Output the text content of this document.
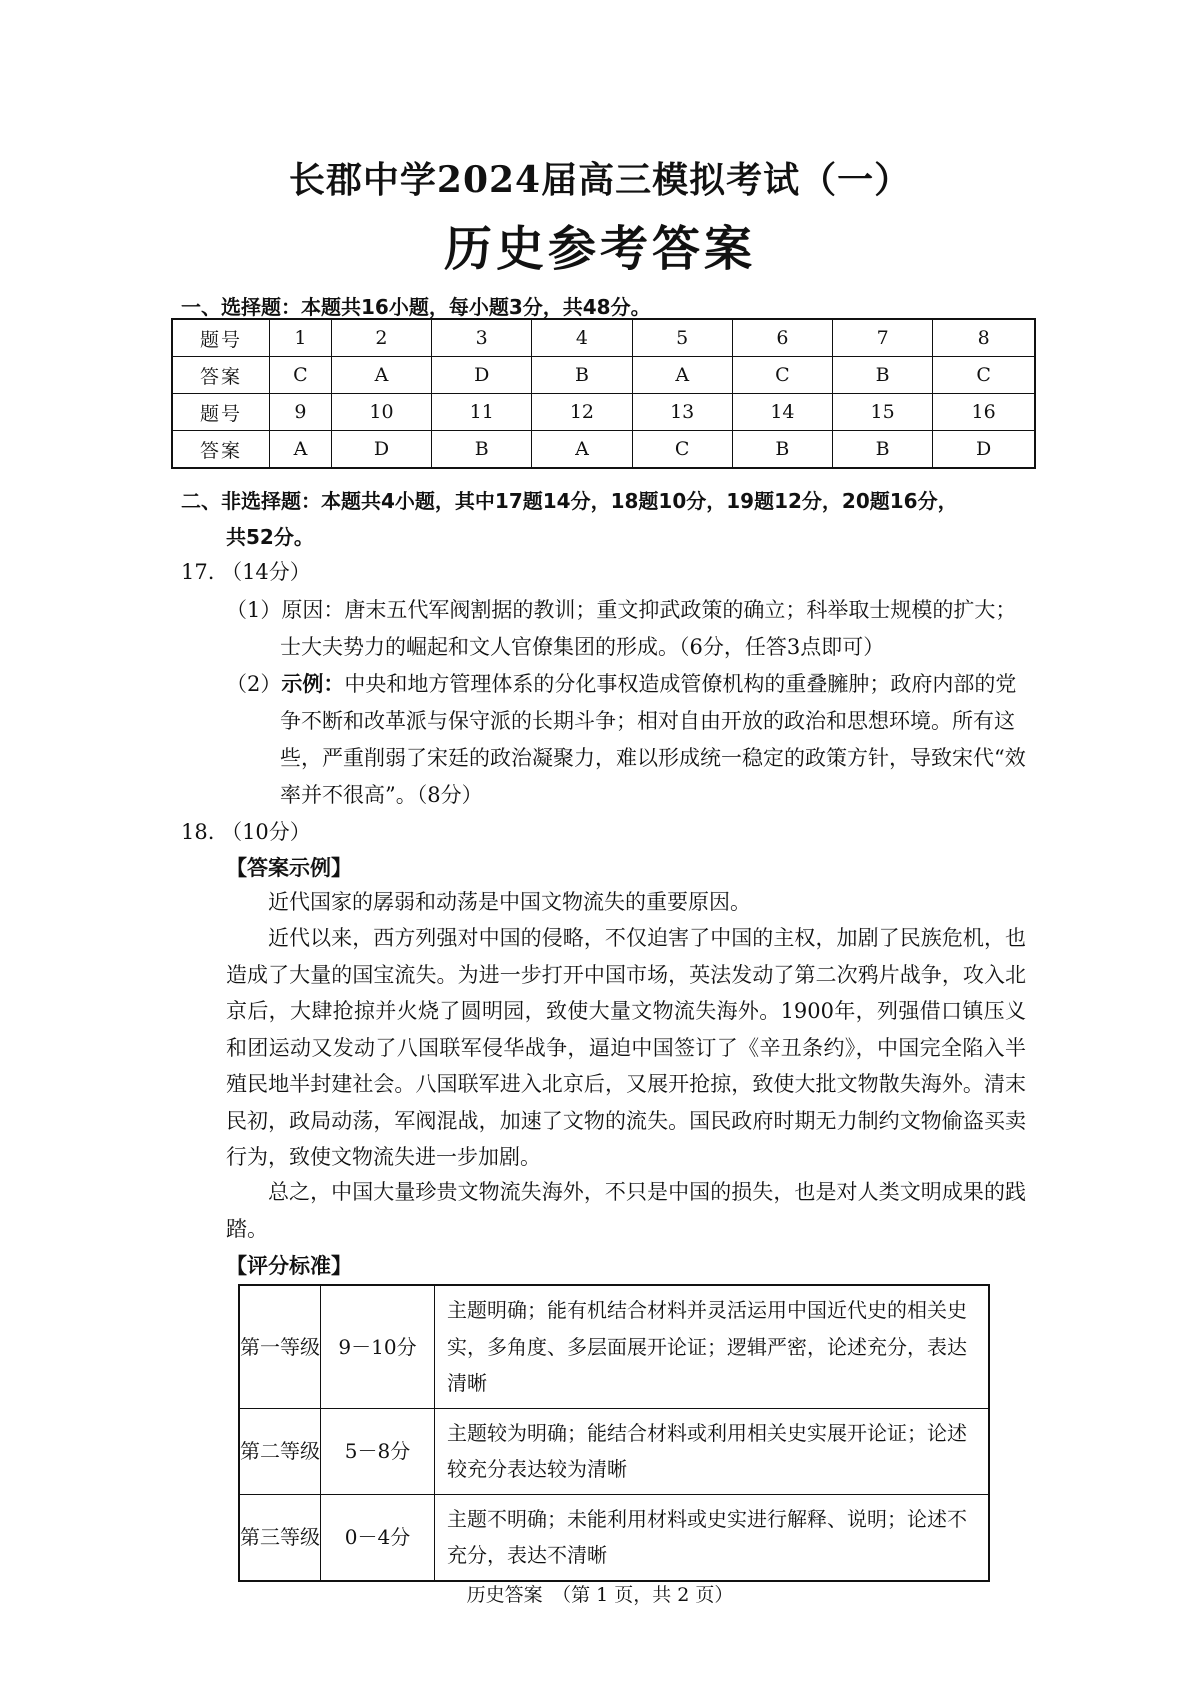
长郡中学2024届高三模拟考试（一）
历史参考答案
一、选择题：本题共16小题，每小题3分，共48分。
题号	1	2	3	4	5	6	7	8
答案	C	A	D	B	A	C	B	C
题号	9	10	11	12	13	14	15	16
答案	A	D	B	A	C	B	B	D
二、非选择题：本题共4小题，其中17题14分，18题10分，19题12分，20题16分，
共52分。
17. （14分）
（1）原因：唐末五代军阀割据的教训；重文抑武政策的确立；科举取士规模的扩大；
士大夫势力的崛起和文人官僚集团的形成。（6分，任答3点即可）
（2）示例：中央和地方管理体系的分化事权造成管僚机构的重叠臃肿；政府内部的党
争不断和改革派与保守派的长期斗争；相对自由开放的政治和思想环境。所有这
些，严重削弱了宋廷的政治凝聚力，难以形成统一稳定的政策方针，导致宋代“效
率并不很高”。（8分）
18. （10分）
【答案示例】
近代国家的孱弱和动荡是中国文物流失的重要原因。
近代以来，西方列强对中国的侵略，不仅迫害了中国的主权，加剧了民族危机，也造成了大量的国宝流失。为进一步打开中国市场，英法发动了第二次鸦片战争，攻入北京后，大肆抢掠并火烧了圆明园，致使大量文物流失海外。1900年，列强借口镇压义和团运动又发动了八国联军侵华战争，逼迫中国签订了《辛丑条约》，中国完全陷入半殖民地半封建社会。八国联军进入北京后，又展开抢掠，致使大批文物散失海外。清末民初，政局动荡，军阀混战，加速了文物的流失。国民政府时期无力制约文物偷盗买卖行为，致使文物流失进一步加剧。
总之，中国大量珍贵文物流失海外，不只是中国的损失，也是对人类文明成果的践踏。
【评分标准】
第一等级	9－10分	主题明确；能有机结合材料并灵活运用中国近代史的相关史实，多角度、多层面展开论证；逻辑严密，论述充分，表达清晰
第二等级	5－8分	主题较为明确；能结合材料或利用相关史实展开论证；论述较充分表达较为清晰
第三等级	0－4分	主题不明确；未能利用材料或史实进行解释、说明；论述不充分，表达不清晰
历史答案　（第 1 页，共 2 页）
